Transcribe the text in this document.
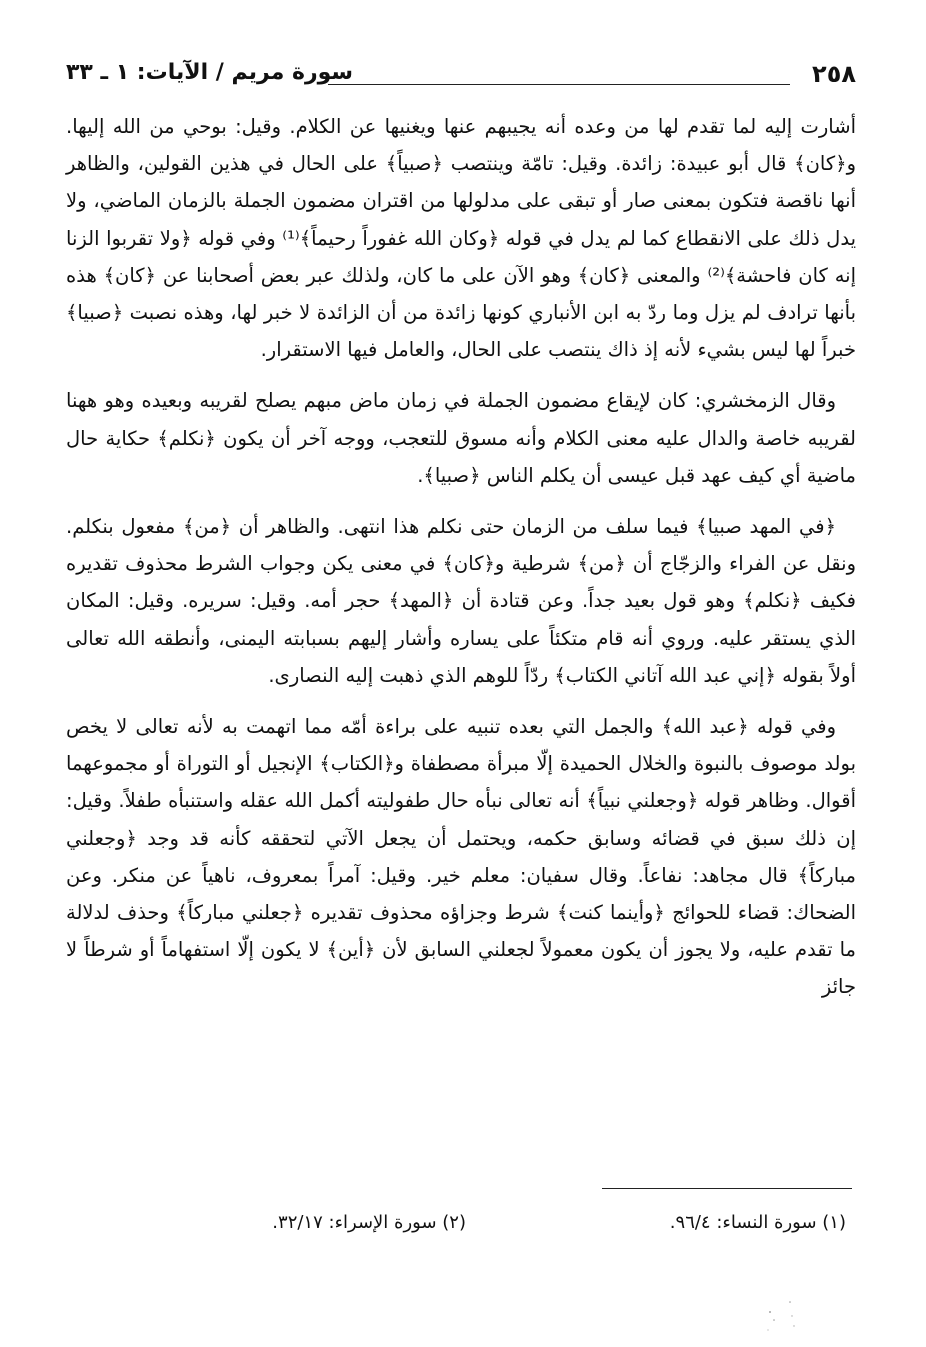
٢٥٨
سورة مريم / الآيات: ١ ـ ٣٣

أشارت إليه لما تقدم لها من وعده أنه يجيبهم عنها ويغنيها عن الكلام. وقيل: بوحي من الله إليها. و﴿كان﴾ قال أبو عبيدة: زائدة. وقيل: تامّة وينتصب ﴿صبياً﴾ على الحال في هذين القولين، والظاهر أنها ناقصة فتكون بمعنى صار أو تبقى على مدلولها من اقتران مضمون الجملة بالزمان الماضي، ولا يدل ذلك على الانقطاع كما لم يدل في قوله ﴿وكان الله غفوراً رحيماً﴾⁽¹⁾ وفي قوله ﴿ولا تقربوا الزنا إنه كان فاحشة﴾⁽²⁾ والمعنى ﴿كان﴾ وهو الآن على ما كان، ولذلك عبر بعض أصحابنا عن ﴿كان﴾ هذه بأنها ترادف لم يزل وما ردّ به ابن الأنباري كونها زائدة من أن الزائدة لا خبر لها، وهذه نصبت ﴿صبيا﴾ خبراً لها ليس بشيء لأنه إذ ذاك ينتصب على الحال، والعامل فيها الاستقرار.

وقال الزمخشري: كان لإيقاع مضمون الجملة في زمان ماض مبهم يصلح لقريبه وبعيده وهو ههنا لقريبه خاصة والدال عليه معنى الكلام وأنه مسوق للتعجب، ووجه آخر أن يكون ﴿نكلم﴾ حكاية حال ماضية أي كيف عهد قبل عيسى أن يكلم الناس ﴿صبيا﴾.

﴿في المهد صبيا﴾ فيما سلف من الزمان حتى نكلم هذا انتهى. والظاهر أن ﴿من﴾ مفعول بنكلم. ونقل عن الفراء والزجّاج أن ﴿من﴾ شرطية و﴿كان﴾ في معنى يكن وجواب الشرط محذوف تقديره فكيف ﴿نكلم﴾ وهو قول بعيد جداً. وعن قتادة أن ﴿المهد﴾ حجر أمه. وقيل: سريره. وقيل: المكان الذي يستقر عليه. وروي أنه قام متكئاً على يساره وأشار إليهم بسبابته اليمنى، وأنطقه الله تعالى أولاً بقوله ﴿إني عبد الله آتاني الكتاب﴾ ردّاً للوهم الذي ذهبت إليه النصارى.

وفي قوله ﴿عبد الله﴾ والجمل التي بعده تنبيه على براءة أمّه مما اتهمت به لأنه تعالى لا يخص بولد موصوف بالنبوة والخلال الحميدة إلّا مبرأة مصطفاة و﴿الكتاب﴾ الإنجيل أو التوراة أو مجموعهما أقوال. وظاهر قوله ﴿وجعلني نبياً﴾ أنه تعالى نبأه حال طفوليته أكمل الله عقله واستنبأه طفلاً. وقيل: إن ذلك سبق في قضائه وسابق حكمه، ويحتمل أن يجعل الآتي لتحققه كأنه قد وجد ﴿وجعلني مباركاً﴾ قال مجاهد: نفاعاً. وقال سفيان: معلم خير. وقيل: آمراً بمعروف، ناهياً عن منكر. وعن الضحاك: قضاء للحوائج ﴿وأينما كنت﴾ شرط وجزاؤه محذوف تقديره ﴿جعلني مباركاً﴾ وحذف لدلالة ما تقدم عليه، ولا يجوز أن يكون معمولاً لجعلني السابق لأن ﴿أين﴾ لا يكون إلّا استفهاماً أو شرطاً لا جائز

(١) سورة النساء: ٩٦/٤.
(٢) سورة الإسراء: ٣٢/١٧.
